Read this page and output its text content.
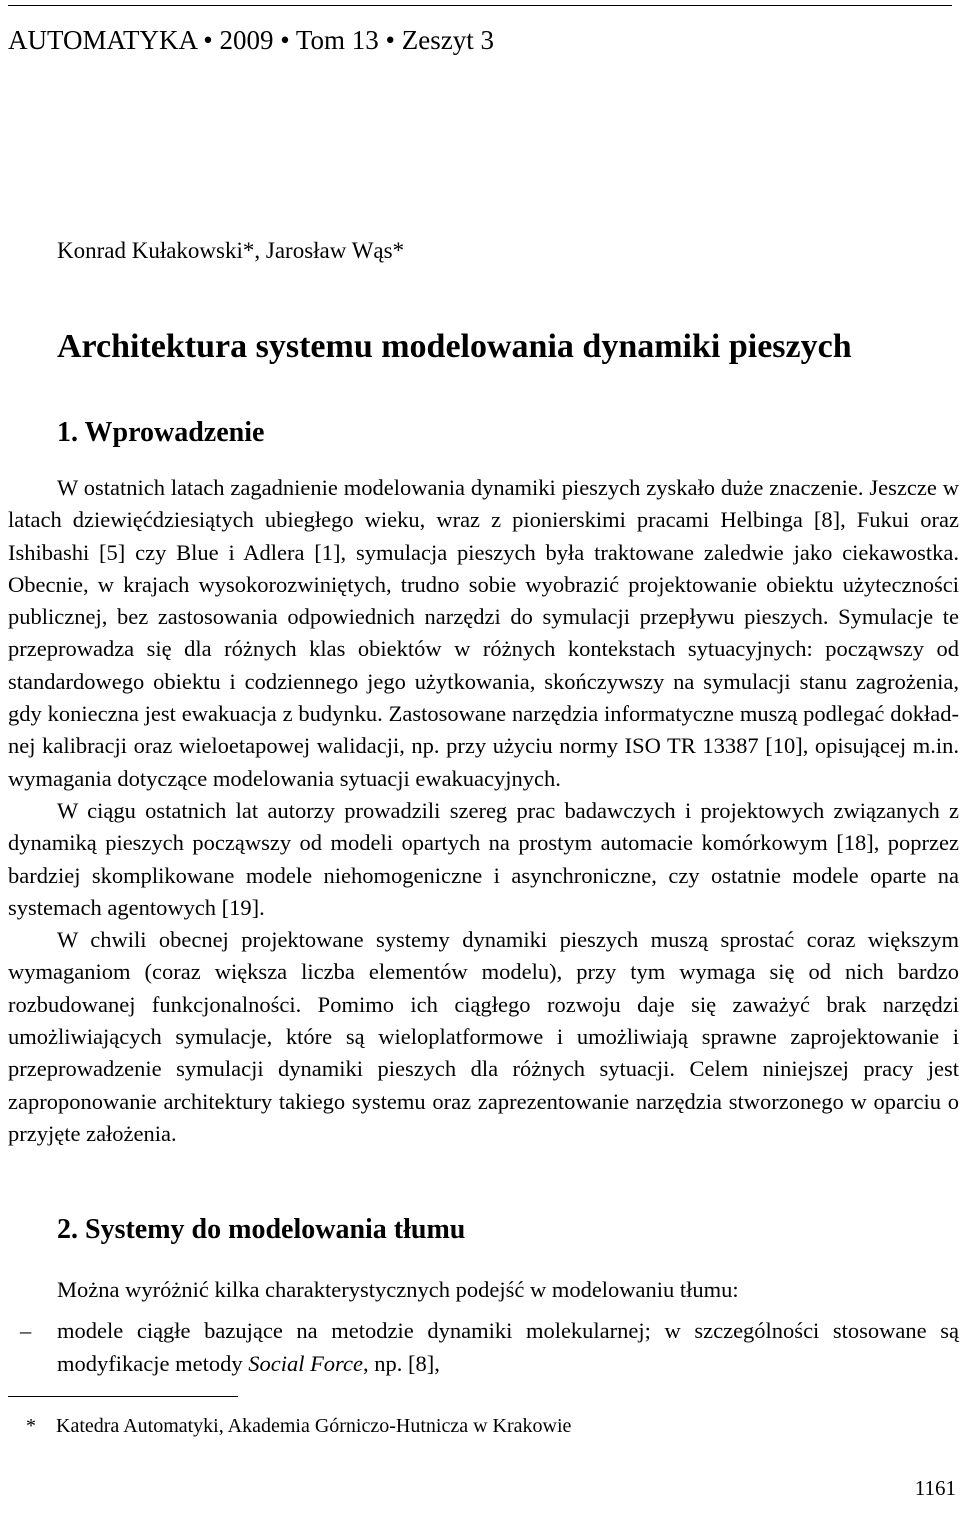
AUTOMATYKA • 2009 • Tom 13 • Zeszyt 3
Konrad Kułakowski*, Jarosław Wąs*
Architektura systemu modelowania dynamiki pieszych
1. Wprowadzenie

W ostatnich latach zagadnienie modelowania dynamiki pieszych zyskało duże znaczenie. Jeszcze w latach dziewięćdziesiątych ubiegłego wieku, wraz z pionierskimi pracami Helbinga [8], Fukui oraz Ishibashi [5] czy Blue i Adlera [1], symulacja pieszych była traktowane zaledwie jako ciekawostka. Obecnie, w krajach wysokorozwiniętych, trudno sobie wyobrazić projektowanie obiektu użyteczności publicznej, bez zastosowania odpowiednich narzędzi do symulacji przepływu pieszych. Symulacje te przeprowadza się dla różnych klas obiektów w różnych kontekstach sytuacyjnych: począwszy od standardowego obiektu i codziennego jego użytkowania, skończywszy na symulacji stanu zagrożenia, gdy konieczna jest ewakuacja z budynku. Zastosowane narzędzia informatyczne muszą podlegać dokładnej kalibracji oraz wieloetapowej walidacji, np. przy użyciu normy ISO TR 13387 [10], opisującej m.in. wymagania dotyczące modelowania sytuacji ewakuacyjnych.

W ciągu ostatnich lat autorzy prowadzili szereg prac badawczych i projektowych związanych z dynamiką pieszych począwszy od modeli opartych na prostym automacie komórkowym [18], poprzez bardziej skomplikowane modele niehomogeniczne i asynchroniczne, czy ostatnie modele oparte na systemach agentowych [19].

W chwili obecnej projektowane systemy dynamiki pieszych muszą sprostać coraz większym wymaganiom (coraz większa liczba elementów modelu), przy tym wymaga się od nich bardzo rozbudowanej funkcjonalności. Pomimo ich ciągłego rozwoju daje się zaważyć brak narzędzi umożliwiających symulacje, które są wieloplatformowe i umożliwiają sprawne zaprojektowanie i przeprowadzenie symulacji dynamiki pieszych dla różnych sytuacji. Celem niniejszej pracy jest zaproponowanie architektury takiego systemu oraz zaprezentowanie narzędzia stworzonego w oparciu o przyjęte założenia.

2. Systemy do modelowania tłumu
Można wyróżnić kilka charakterystycznych podejść w modelowaniu tłumu:
– modele ciągłe bazujące na metodzie dynamiki molekularnej; w szczególności stosowane są modyfikacje metody Social Force, np. [8],
* Katedra Automatyki, Akademia Górniczo-Hutnicza w Krakowie
1161
